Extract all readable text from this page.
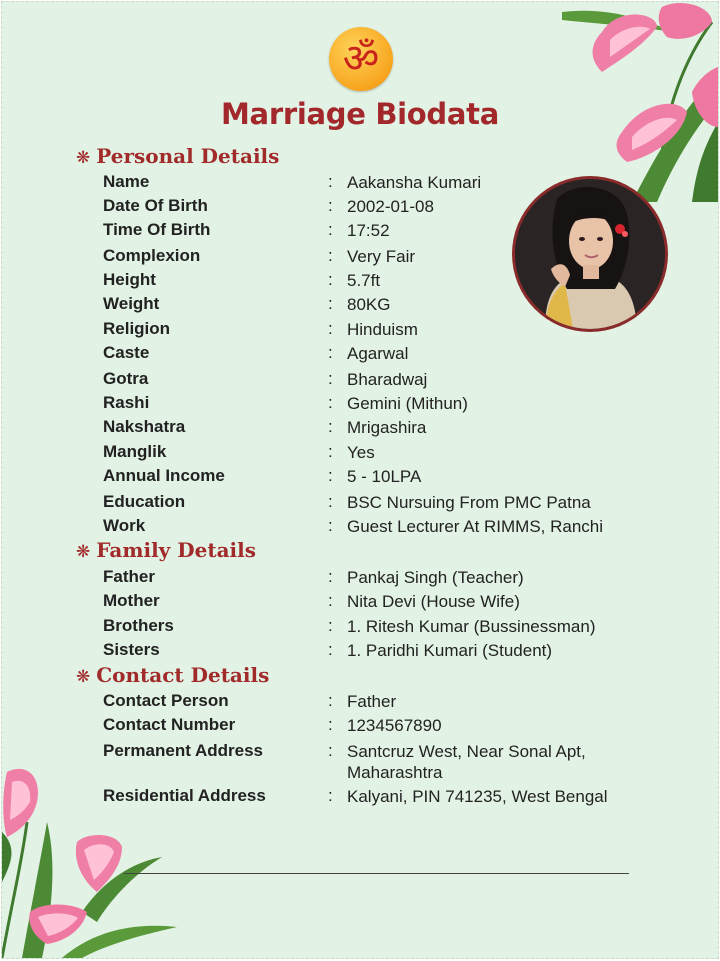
ॐ
Marriage Biodata
❋ Personal Details
Name	: Aakansha Kumari
Date Of Birth	: 2002-01-08
Time Of Birth	: 17:52
Complexion	: Very Fair
Height	: 5.7ft
Weight	: 80KG
Religion	: Hinduism
Caste	: Agarwal
Gotra	: Bharadwaj
Rashi	: Gemini (Mithun)
Nakshatra	: Mrigashira
Manglik	: Yes
Annual Income	: 5 - 10LPA
Education	: BSC Nursuing From PMC Patna
Work	: Guest Lecturer At RIMMS, Ranchi
❋ Family Details
Father	: Pankaj Singh (Teacher)
Mother	: Nita Devi (House Wife)
Brothers	: 1. Ritesh Kumar (Bussinessman)
Sisters	: 1. Paridhi Kumari (Student)
❋ Contact Details
Contact Person	: Father
Contact Number	: 1234567890
Permanent Address	: Santcruz West, Near Sonal Apt, Maharashtra
Residential Address	: Kalyani, PIN 741235, West Bengal
